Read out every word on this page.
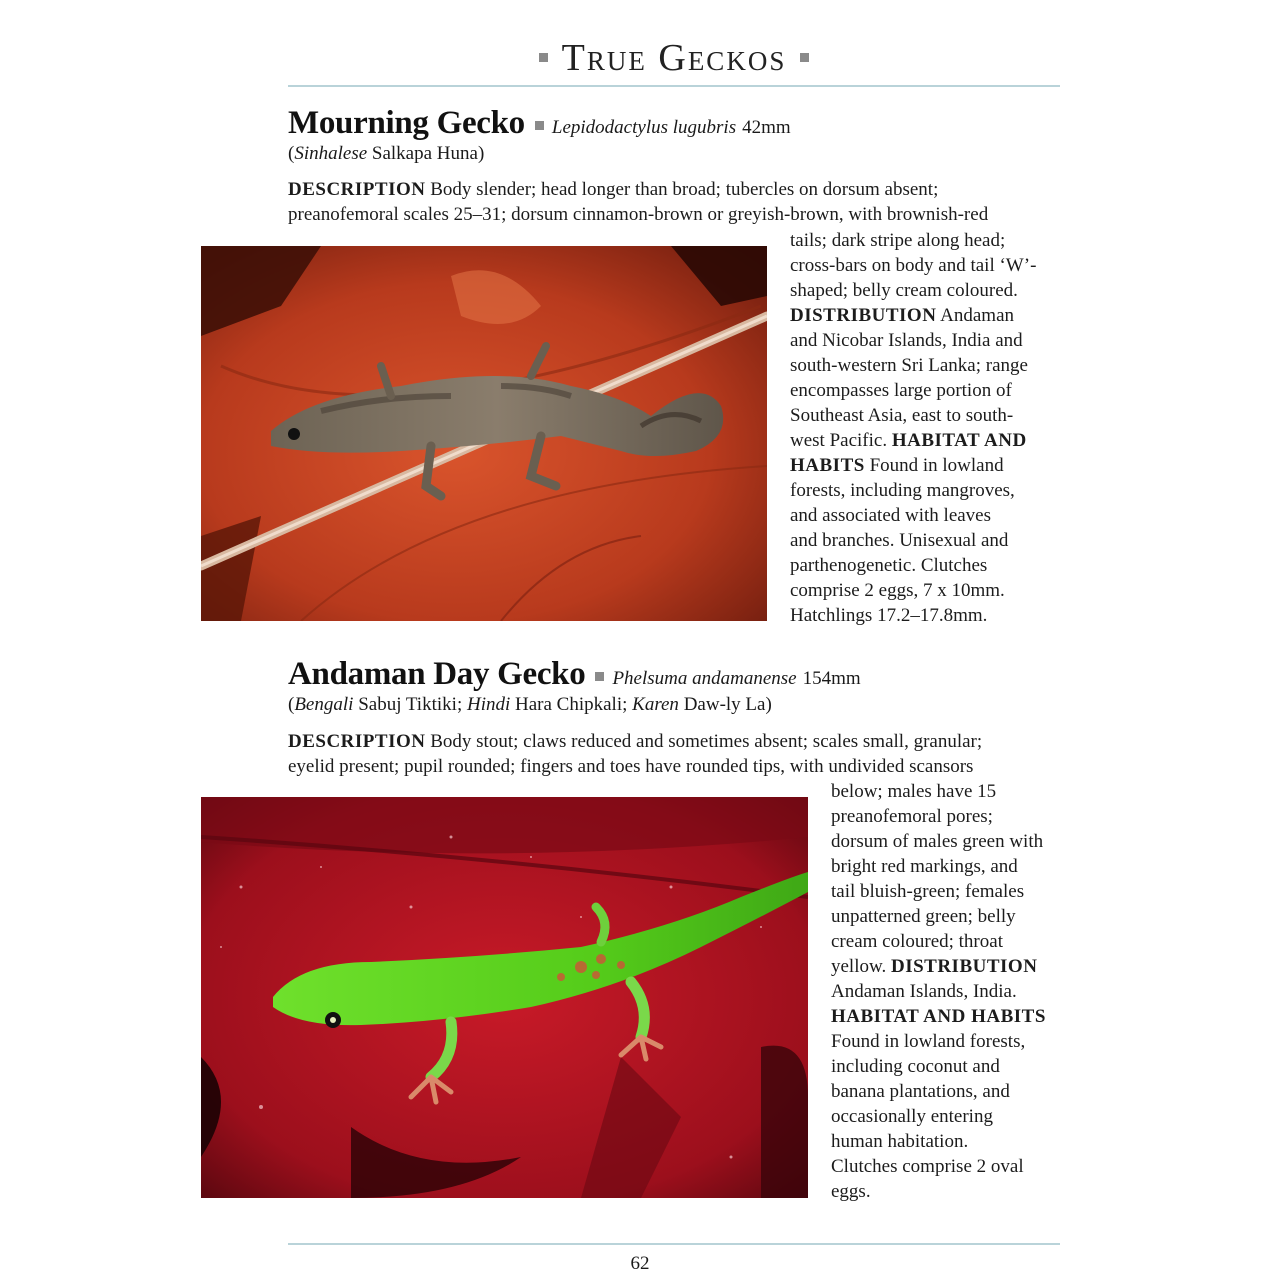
True Geckos
Mourning Gecko Lepidodactylus lugubris 42mm
(Sinhalese Salkapa Huna)
DESCRIPTION Body slender; head longer than broad; tubercles on dorsum absent;
preanofemoral scales 25–31; dorsum cinnamon-brown or greyish-brown, with brownish-red
tails; dark stripe along head;
cross-bars on body and tail ‘W’-
shaped; belly cream coloured.
DISTRIBUTION Andaman
and Nicobar Islands, India and
south-western Sri Lanka; range
encompasses large portion of
Southeast Asia, east to south-
west Pacific. HABITAT AND
HABITS Found in lowland
forests, including mangroves,
and associated with leaves
and branches. Unisexual and
parthenogenetic. Clutches
comprise 2 eggs, 7 x 10mm.
Hatchlings 17.2–17.8mm.
Andaman Day Gecko Phelsuma andamanense 154mm
(Bengali Sabuj Tiktiki; Hindi Hara Chipkali; Karen Daw-ly La)
DESCRIPTION Body stout; claws reduced and sometimes absent; scales small, granular;
eyelid present; pupil rounded; fingers and toes have rounded tips, with undivided scansors
below; males have 15
preanofemoral pores;
dorsum of males green with
bright red markings, and
tail bluish-green; females
unpatterned green; belly
cream coloured; throat
yellow. DISTRIBUTION
Andaman Islands, India.
HABITAT AND HABITS
Found in lowland forests,
including coconut and
banana plantations, and
occasionally entering
human habitation.
Clutches comprise 2 oval
eggs.
62
